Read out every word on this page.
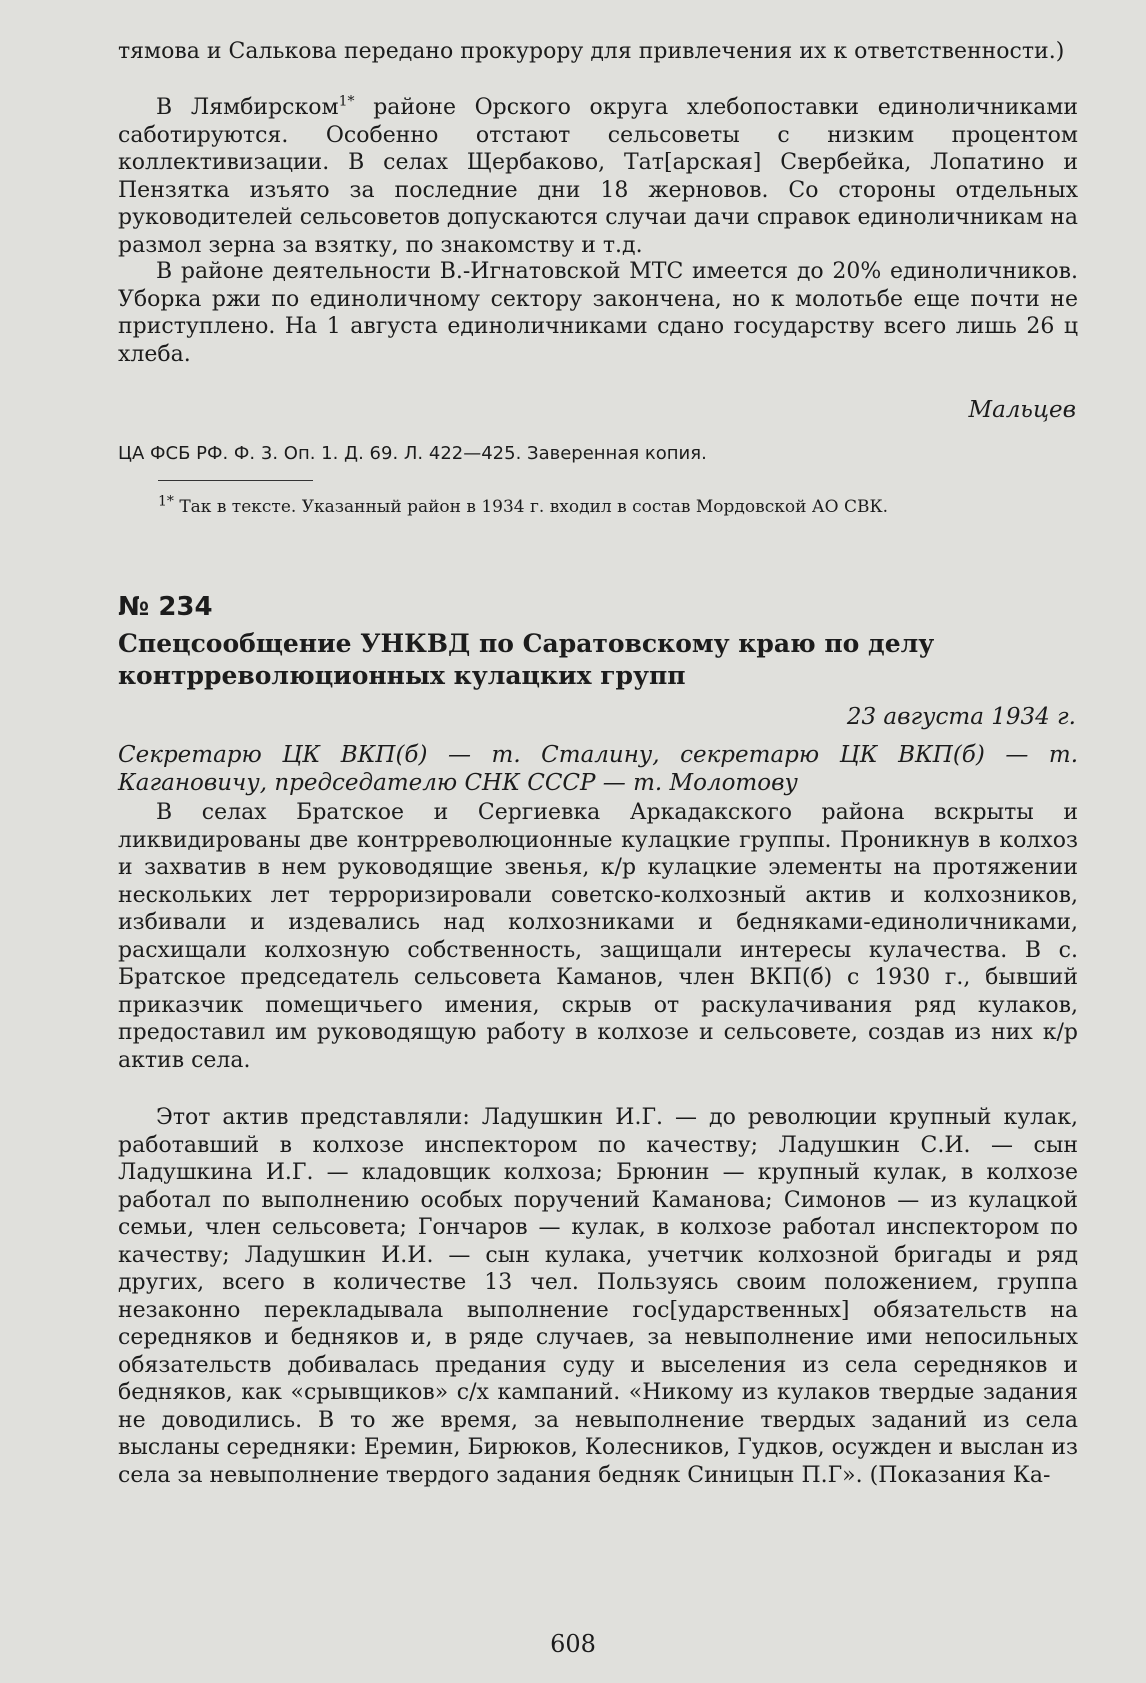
тямова и Салькова передано прокурору для привлечения их к ответственности.)

В Лямбирском$^{1*}$ районе Орского округа хлебопоставки единоличниками саботируются. Особенно отстают сельсоветы с низким процентом коллективизации. В селах Щербаково, Тат[арская] Свербейка, Лопатино и Пензятка изъято за последние дни 18 жерновов. Со стороны отдельных руководителей сельсоветов допускаются случаи дачи справок единоличникам на размол зерна за взятку, по знакомству и т.д.

В районе деятельности В.-Игнатовской МТС имеется до 20% единоличников. Уборка ржи по единоличному сектору закончена, но к молотьбе еще почти не приступлено. На 1 августа единоличниками сдано государству всего лишь 26 ц хлеба.

Мальцев

ЦА ФСБ РФ. Ф. 3. Оп. 1. Д. 69. Л. 422—425. Заверенная копия.

$^{1*}$ Так в тексте. Указанный район в 1934 г. входил в состав Мордовской АО СВК.

№ 234

Спецсообщение УНКВД по Саратовскому краю по делу контрреволюционных кулацких групп

23 августа 1934 г.

Секретарю ЦК ВКП(б) — т. Сталину, секретарю ЦК ВКП(б) — т. Кагановичу, председателю СНК СССР — т. Молотову

В селах Братское и Сергиевка Аркадакского района вскрыты и ликвидированы две контрреволюционные кулацкие группы. Проникнув в колхоз и захватив в нем руководящие звенья, к/р кулацкие элементы на протяжении нескольких лет терроризировали советско-колхозный актив и колхозников, избивали и издевались над колхозниками и бедняками-единоличниками, расхищали колхозную собственность, защищали интересы кулачества. В с. Братское председатель сельсовета Каманов, член ВКП(б) с 1930 г., бывший приказчик помещичьего имения, скрыв от раскулачивания ряд кулаков, предоставил им руководящую работу в колхозе и сельсовете, создав из них к/р актив села.

Этот актив представляли: Ладушкин И.Г. — до революции крупный кулак, работавший в колхозе инспектором по качеству; Ладушкин С.И. — сын Ладушкина И.Г. — кладовщик колхоза; Брюнин — крупный кулак, в колхозе работал по выполнению особых поручений Каманова; Симонов — из кулацкой семьи, член сельсовета; Гончаров — кулак, в колхозе работал инспектором по качеству; Ладушкин И.И. — сын кулака, учетчик колхозной бригады и ряд других, всего в количестве 13 чел. Пользуясь своим положением, группа незаконно перекладывала выполнение гос[ударственных] обязательств на середняков и бедняков и, в ряде случаев, за невыполнение ими непосильных обязательств добивалась предания суду и выселения из села середняков и бедняков, как «срывщиков» с/х кампаний. «Никому из кулаков твердые задания не доводились. В то же время, за невыполнение твердых заданий из села высланы середняки: Еремин, Бирюков, Колесников, Гудков, осужден и выслан из села за невыполнение твердого задания бедняк Синицын П.Г». (Показания Ка-

608
